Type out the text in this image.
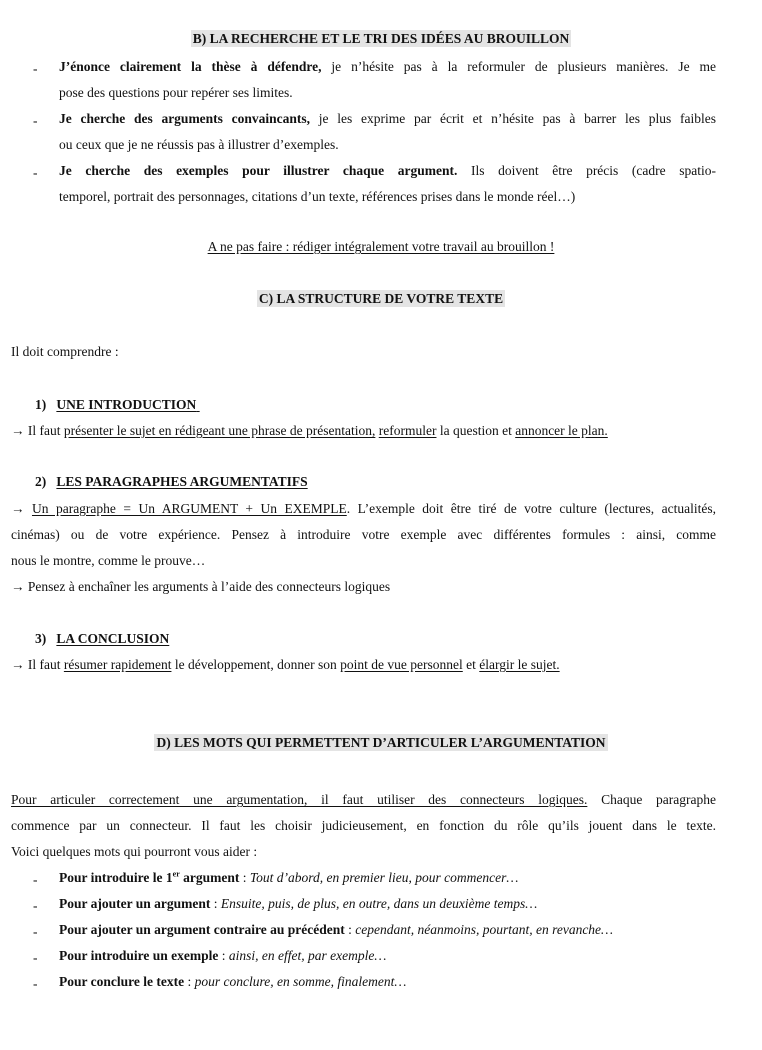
B) LA RECHERCHE ET LE TRI DES IDÉES AU BROUILLON
- J’énonce clairement la thèse à défendre, je n’hésite pas à la reformuler de plusieurs manières. Je me
pose des questions pour repérer ses limites.
- Je cherche des arguments convaincants, je les exprime par écrit et n’hésite pas à barrer les plus faibles
ou ceux que je ne réussis pas à illustrer d’exemples.
- Je cherche des exemples pour illustrer chaque argument. Ils doivent être précis (cadre spatio-
temporel, portrait des personnages, citations d’un texte, références prises dans le monde réel…)
A ne pas faire : rédiger intégralement votre travail au brouillon !
C) LA STRUCTURE DE VOTRE TEXTE
Il doit comprendre :
1) UNE INTRODUCTION
→ Il faut présenter le sujet en rédigeant une phrase de présentation, reformuler la question et annoncer le plan.
2) LES PARAGRAPHES ARGUMENTATIFS
→ Un paragraphe = Un ARGUMENT + Un EXEMPLE. L’exemple doit être tiré de votre culture (lectures, actualités,
cinémas) ou de votre expérience. Pensez à introduire votre exemple avec différentes formules : ainsi, comme
nous le montre, comme le prouve…
→ Pensez à enchaîner les arguments à l’aide des connecteurs logiques
3) LA CONCLUSION
→ Il faut résumer rapidement le développement, donner son point de vue personnel et élargir le sujet.
D) LES MOTS QUI PERMETTENT D’ARTICULER L’ARGUMENTATION
Pour articuler correctement une argumentation, il faut utiliser des connecteurs logiques. Chaque paragraphe
commence par un connecteur. Il faut les choisir judicieusement, en fonction du rôle qu’ils jouent dans le texte.
Voici quelques mots qui pourront vous aider :
- Pour introduire le 1er argument : Tout d’abord, en premier lieu, pour commencer…
- Pour ajouter un argument : Ensuite, puis, de plus, en outre, dans un deuxième temps…
- Pour ajouter un argument contraire au précédent : cependant, néanmoins, pourtant, en revanche…
- Pour introduire un exemple : ainsi, en effet, par exemple…
- Pour conclure le texte : pour conclure, en somme, finalement…
